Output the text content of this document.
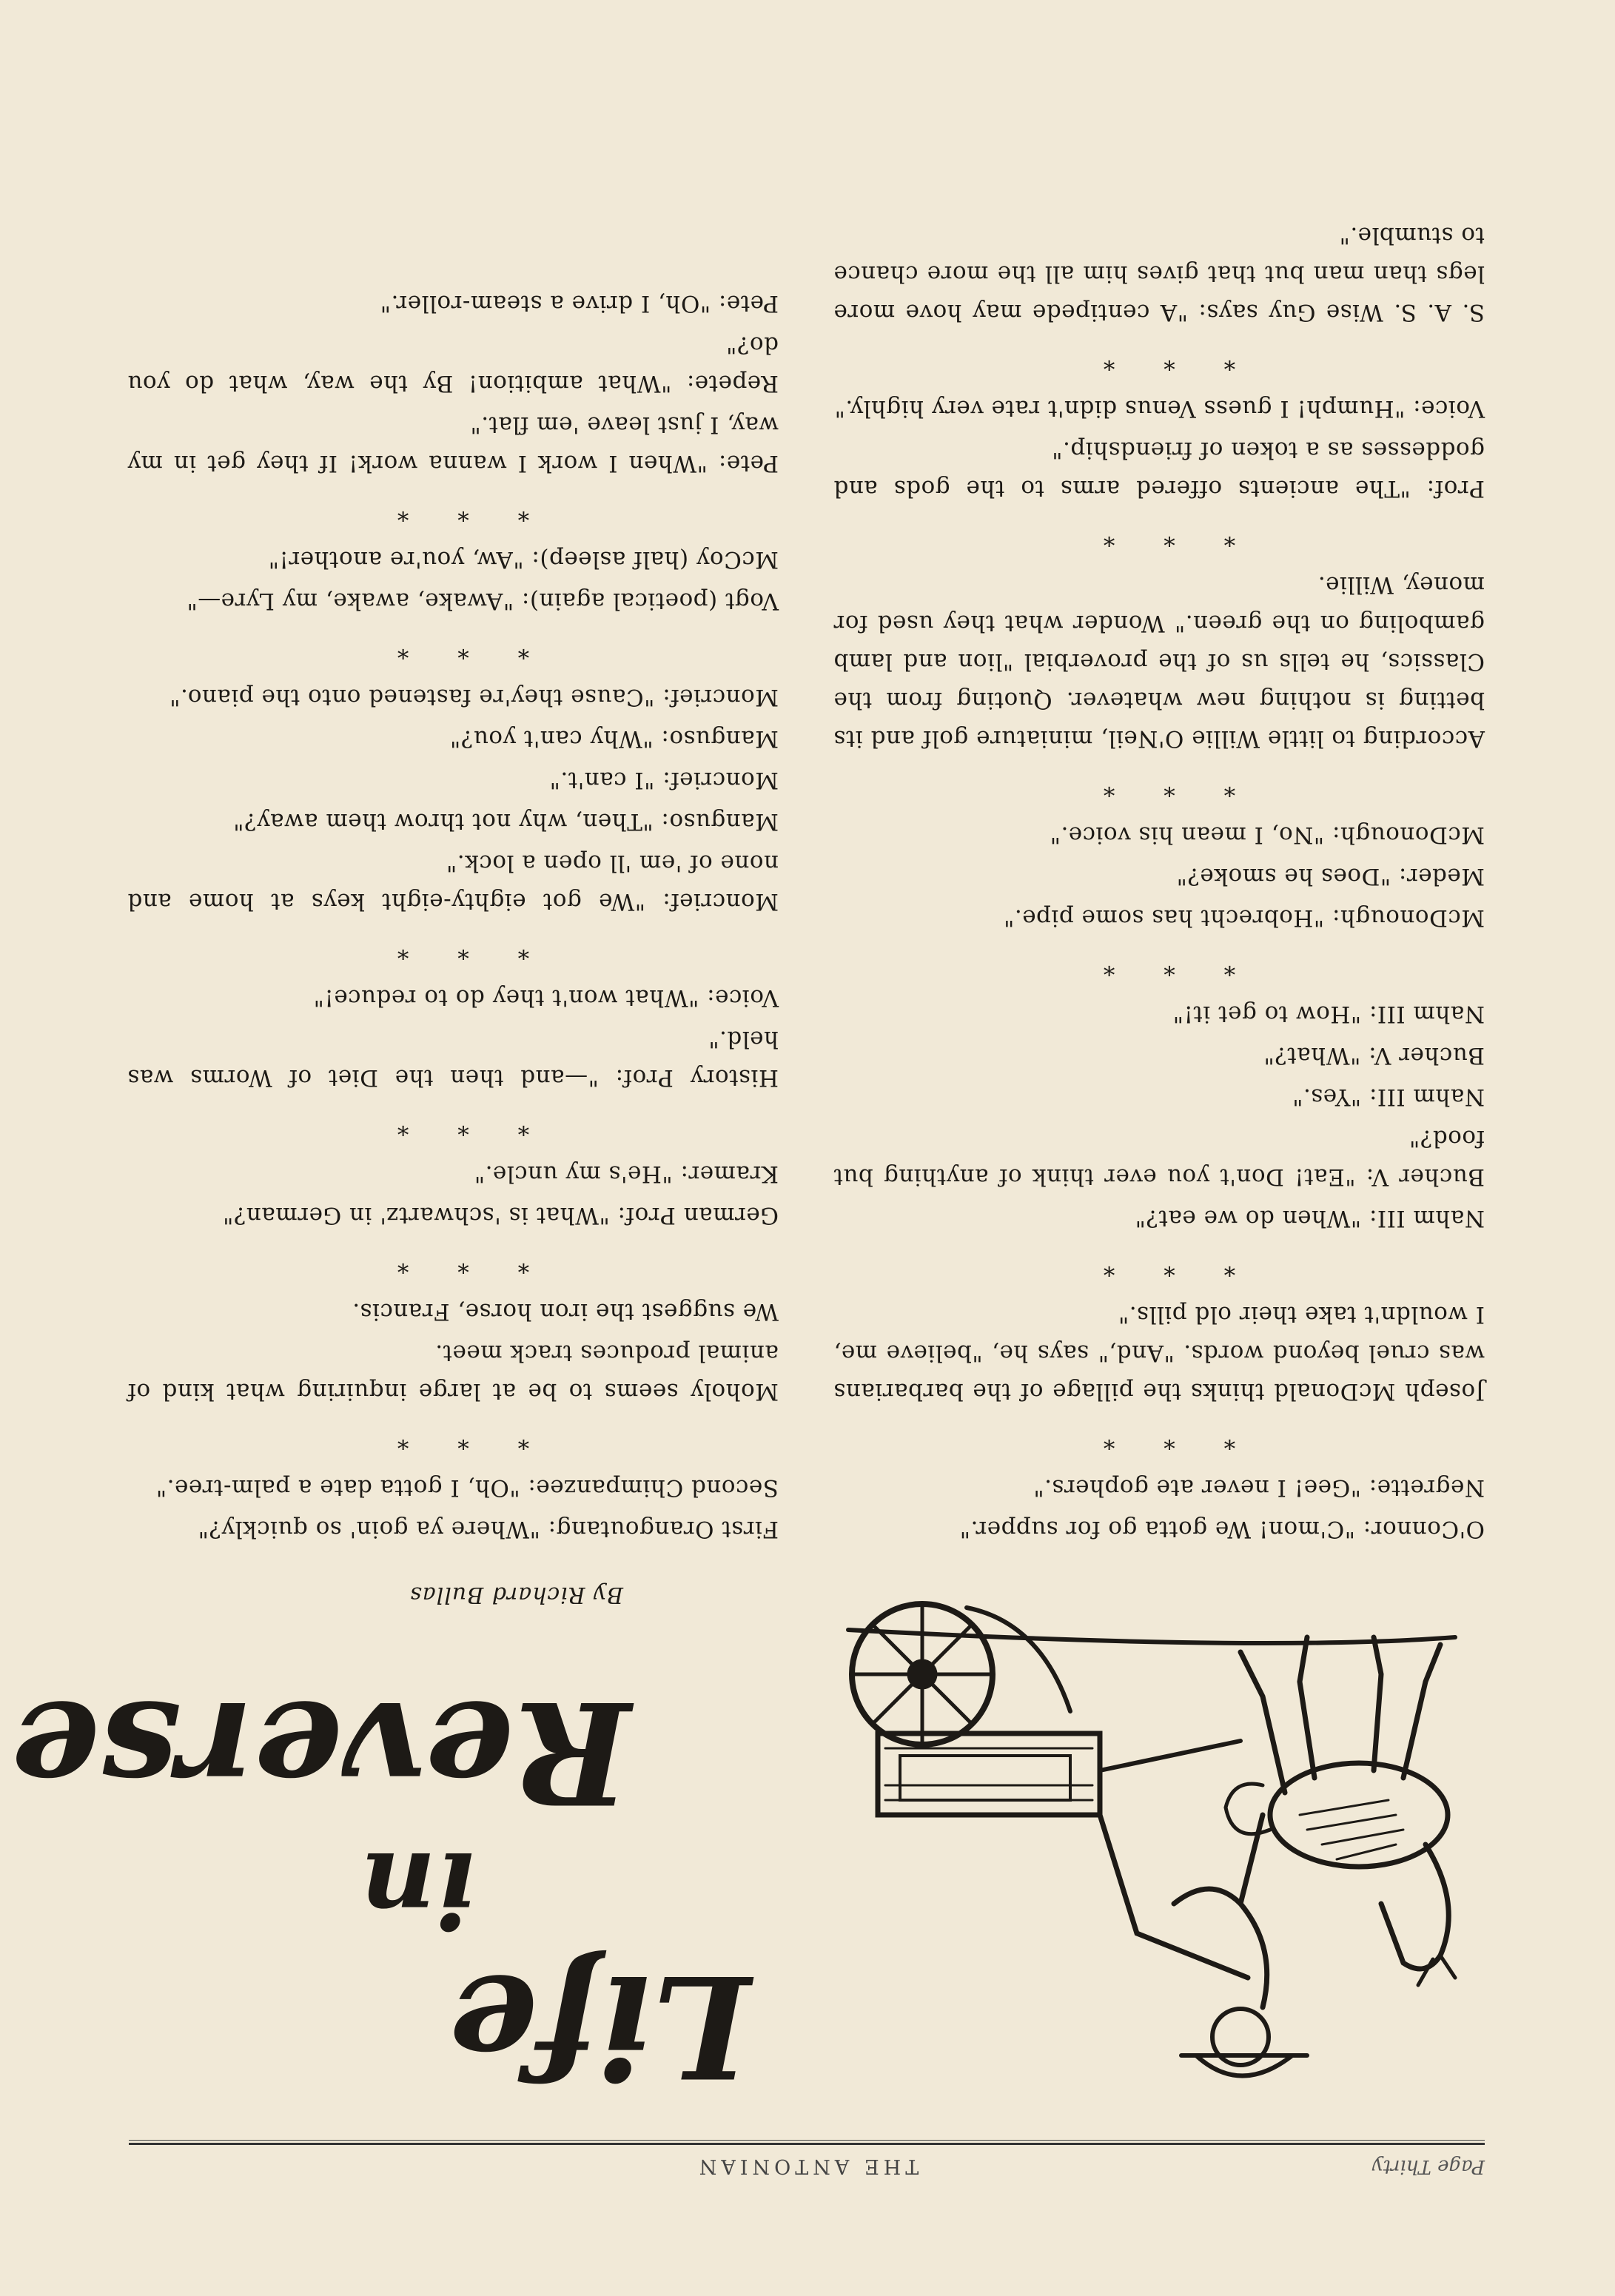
Page Thirty
THE ANTONIAN
Life
in
Reverse
By Richard Bullas

First Orangoutang: "Where ya goin' so quickly?"

Second Chimpanzee: "Oh, I gotta date a palm-tree."

* * *

Moholy seems to be at large inquiring what kind of animal produces track meet.

We suggest the iron horse, Francis.

* * *

German Prof: "What is 'schwartz' in German?"

Kramer: "He's my uncle."

* * *

History Prof: "—and then the Diet of Worms was held."

Voice: "What won't they do to reduce!"

* * *

Moncrief: "We got eighty-eight keys at home and none of 'em 'll open a lock."

Manguso: "Then, why not throw them away?"

Moncrief: "I can't."

Manguso: "Why can't you?"

Moncrief: "Cause they're fastened onto the piano."

* * *

Vogt (poetical again): "Awake, awake, my Lyre—"

McCoy (half asleep): "Aw, you're another!"

* * *

Pete: "When I work I wanna work! If they get in my way, I just leave 'em flat."

Repete: "What ambition! By the way, what do you do?"

Pete: "Oh, I drive a steam-roller."

O'Connor: "C'mon! We gotta go for supper."

Negrette: "Gee! I never ate gophers."

* * *

Joseph McDonald thinks the pillage of the barbarians was cruel beyond words. "And," says he, "believe me, I wouldn't take their old pills."

* * *

Nahm III: "When do we eat?"

Bucher V: "Eat! Don't you ever think of anything but food?"

Nahm III: "Yes."

Bucher V: "What?"

Nahm III: "How to get it!"

* * *

McDonough: "Hobrecht has some pipe."

Meder: "Does he smoke?"

McDonough: "No, I mean his voice."

* * *

According to little Willie O'Neil, miniature golf and its betting is nothing new whatever. Quoting from the Classics, he tells us of the proverbial "lion and lamb gamboling on the green." Wonder what they used for money, Willie.

* * *

Prof: "The ancients offered arms to the gods and goddesses as a token of friendship."

Voice: "Humph! I guess Venus didn't rate very highly."

* * *

S. A. S. Wise Guy says: "A centipede may hove more legs than man but that gives him all the more chance to stumble."
